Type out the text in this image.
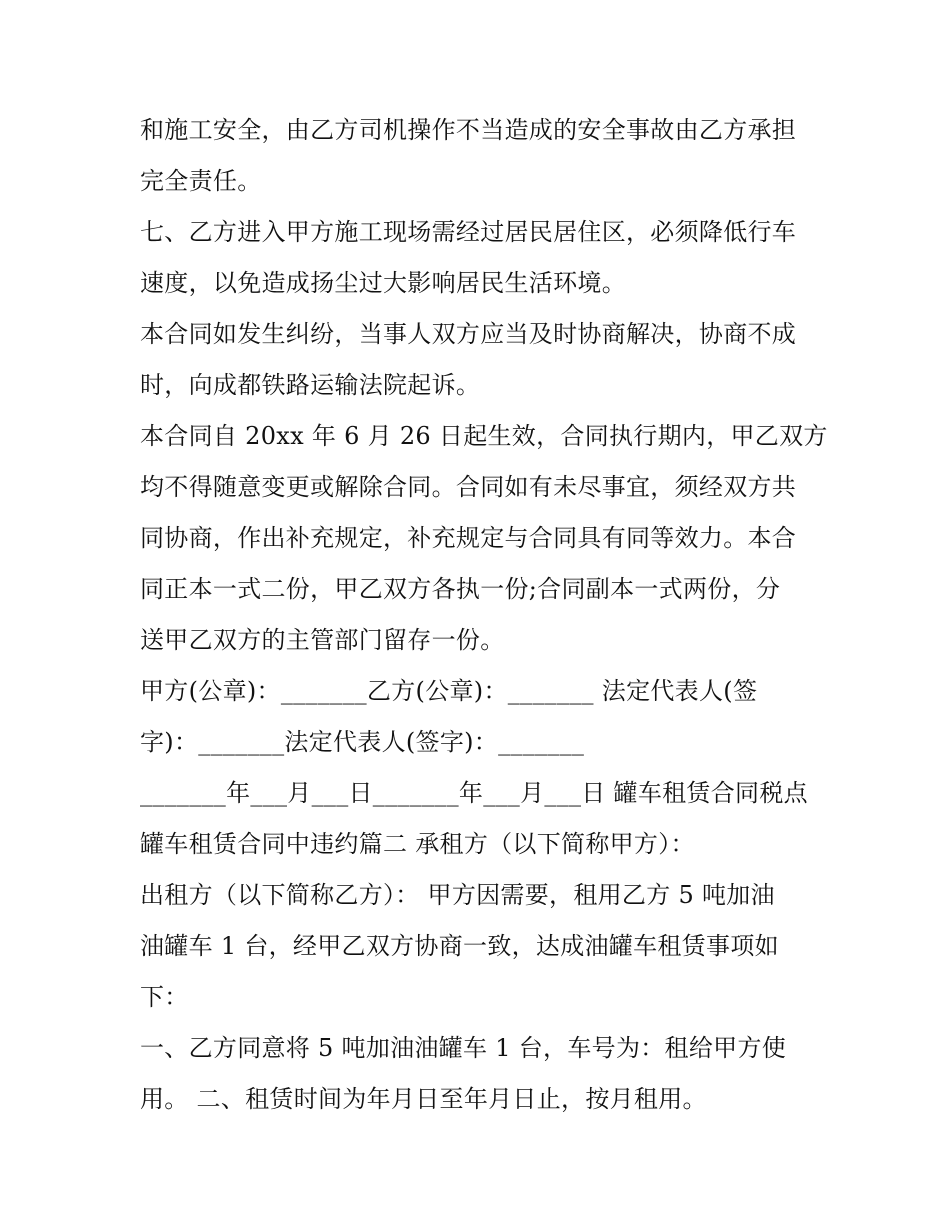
和施工安全，由乙方司机操作不当造成的安全事故由乙方承担
完全责任。
七、乙方进入甲方施工现场需经过居民居住区，必须降低行车
速度，以免造成扬尘过大影响居民生活环境。
本合同如发生纠纷，当事人双方应当及时协商解决，协商不成
时，向成都铁路运输法院起诉。
本合同自 20xx 年 6 月 26 日起生效，合同执行期内，甲乙双方
均不得随意变更或解除合同。合同如有未尽事宜，须经双方共
同协商，作出补充规定，补充规定与合同具有同等效力。本合
同正本一式二份，甲乙双方各执一份;合同副本一式两份，分
送甲乙双方的主管部门留存一份。
甲方(公章)：_______乙方(公章)：_______ 法定代表人(签
字)：_______法定代表人(签字)：_______
_______年___月___日_______年___月___日 罐车租赁合同税点
罐车租赁合同中违约篇二 承租方（以下简称甲方）：
出租方（以下简称乙方）： 甲方因需要，租用乙方 5 吨加油
油罐车 1 台，经甲乙双方协商一致，达成油罐车租赁事项如
下：
一、乙方同意将 5 吨加油油罐车 1 台，车号为：租给甲方使
用。 二、租赁时间为年月日至年月日止，按月租用。
